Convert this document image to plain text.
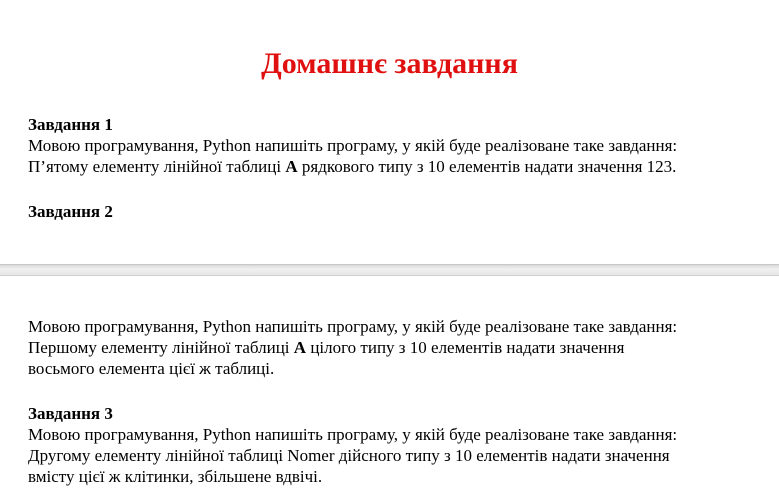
Домашнє завдання
Завдання 1
Мовою програмування, Python напишіть програму, у якій буде реалізоване таке завдання:
П’ятому елементу лінійної таблиці А рядкового типу з 10 елементів надати значення 123.
Завдання 2
Мовою програмування, Python напишіть програму, у якій буде реалізоване таке завдання:
Першому елементу лінійної таблиці А цілого типу з 10 елементів надати значення
восьмого елемента цієї ж таблиці.
Завдання 3
Мовою програмування, Python напишіть програму, у якій буде реалізоване таке завдання:
Другому елементу лінійної таблиці Nomer дійсного типу з 10 елементів надати значення
вмісту цієї ж клітинки, збільшене вдвічі.
